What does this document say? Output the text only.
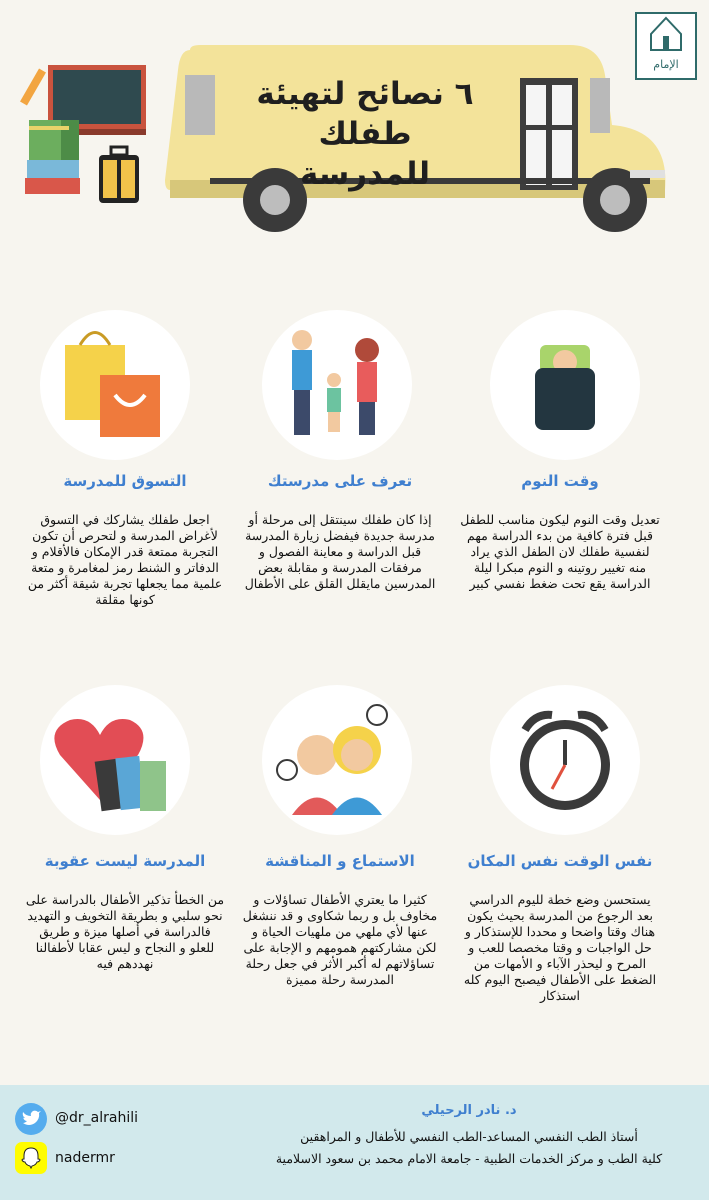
الإمام
٦ نصائح لتهيئة طفلك
للمدرسة
وقت النوم
تعديل وقت النوم ليكون مناسب للطفل قبل فترة كافية من بدء الدراسة مهم لنفسية طفلك لان الطفل الذي يراد منه تغيير روتينه و النوم مبكرا ليلة الدراسة يقع تحت ضغط نفسي كبير
تعرف على مدرستك
إذا كان طفلك سينتقل إلى مرحلة أو مدرسة جديدة فيفضل زيارة المدرسة قبل الدراسة و معاينة الفصول و مرفقات المدرسة و مقابلة بعض المدرسين مايقلل القلق على الأطفال
التسوق للمدرسة
اجعل طفلك يشاركك في التسوق لأغراض المدرسة و لتحرص أن تكون التجربة ممتعة قدر الإمكان فالأقلام و الدفاتر و الشنط رمز لمغامرة و متعة علمية مما يجعلها تجربة شيقة أكثر من كونها مقلقة
نفس الوقت نفس المكان
يستحسن وضع خطة لليوم الدراسي بعد الرجوع من المدرسة بحيث يكون هناك وقتا واضحا و محددا للإستذكار و حل الواجبات و وقتا مخصصا للعب و المرح و ليحذر الآباء و الأمهات من الضغط على الأطفال فيصبح اليوم كله استذكار
الاستماع و المناقشة
كثيرا ما يعتري الأطفال تساؤلات و مخاوف بل و ربما شكاوى و قد ننشغل عنها لأي ملهي من ملهيات الحياة و لكن مشاركتهم همومهم و الإجابة على تساؤلاتهم له أكبر الأثر في جعل رحلة المدرسة رحلة مميزة
المدرسة ليست عقوبة
من الخطأ تذكير الأطفال بالدراسة على نحو سلبي و بطريقة التخويف و التهديد فالدراسة في أصلها ميزة و طريق للعلو و النجاح و ليس عقابا لأطفالنا نهددهم فيه
@dr_alrahili
nadermr
د. نادر الرحيلي
أستاذ الطب النفسي المساعد-الطب النفسي للأطفال و المراهقين
كلية الطب و مركز الخدمات الطبية - جامعة الامام محمد بن سعود الاسلامية
